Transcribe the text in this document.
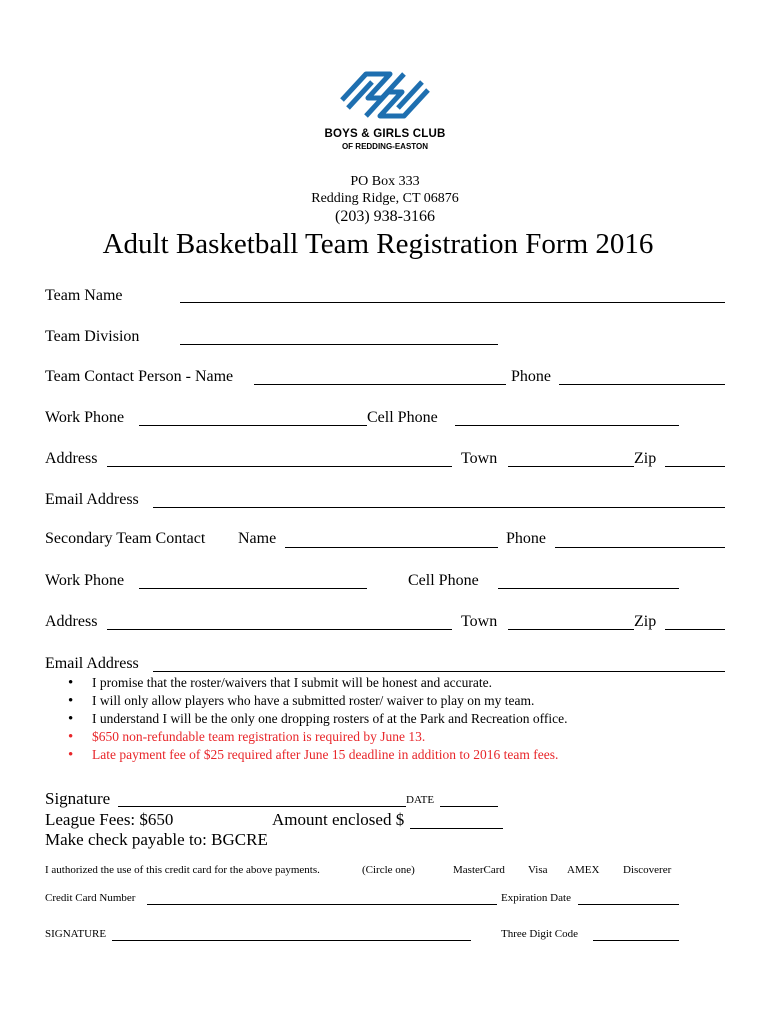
BOYS & GIRLS CLUB
OF REDDING-EASTON
PO Box 333
Redding Ridge, CT 06876
(203) 938-3166
Adult Basketball Team Registration Form 2016
Team Name
Team Division
Team Contact Person - Name	Phone
Work Phone	Cell Phone
Address	Town	Zip
Email Address
Secondary Team Contact Name	Phone
Work Phone	Cell Phone
Address	Town	Zip
Email Address
• I promise that the roster/waivers that I submit will be honest and accurate.
• I will only allow players who have a submitted roster/ waiver to play on my team.
• I understand I will be the only one dropping rosters of at the Park and Recreation office.
• $650 non-refundable team registration is required by June 13.
• Late payment fee of $25 required after June 15 deadline in addition to 2016 team fees.
Signature	DATE
League Fees: $650	Amount enclosed $
Make check payable to: BGCRE
I authorized the use of this credit card for the above payments.	(Circle one)	MasterCard Visa AMEX Discoverer
Credit Card Number	Expiration Date
SIGNATURE	Three Digit Code
